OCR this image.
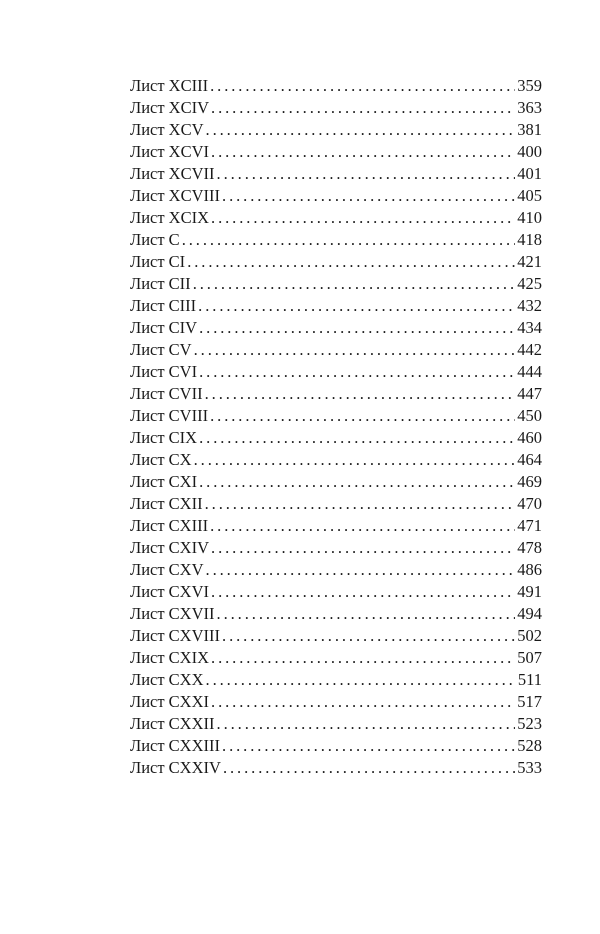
Лист XCIII . . .	359
Лист XCIV . . .	363
Лист XCV . . .	381
Лист XCVI . . .	400
Лист XCVII . . .	401
Лист XCVIII . . .	405
Лист XCIX . . .	410
Лист C . . .	418
Лист CI . . .	421
Лист CII . . .	425
Лист CIII . . .	432
Лист CIV . . .	434
Лист CV . . .	442
Лист CVI . . .	444
Лист CVII . . .	447
Лист CVIII . . .	450
Лист CIX . . .	460
Лист CX . . .	464
Лист CXI . . .	469
Лист CXII . . .	470
Лист CXIII . . .	471
Лист CXIV . . .	478
Лист CXV . . .	486
Лист CXVI . . .	491
Лист CXVII . . .	494
Лист CXVIII . . .	502
Лист CXIX . . .	507
Лист CXX . . .	511
Лист CXXI . . .	517
Лист CXXII . . .	523
Лист CXXIII . . .	528
Лист CXXIV . . .	533
